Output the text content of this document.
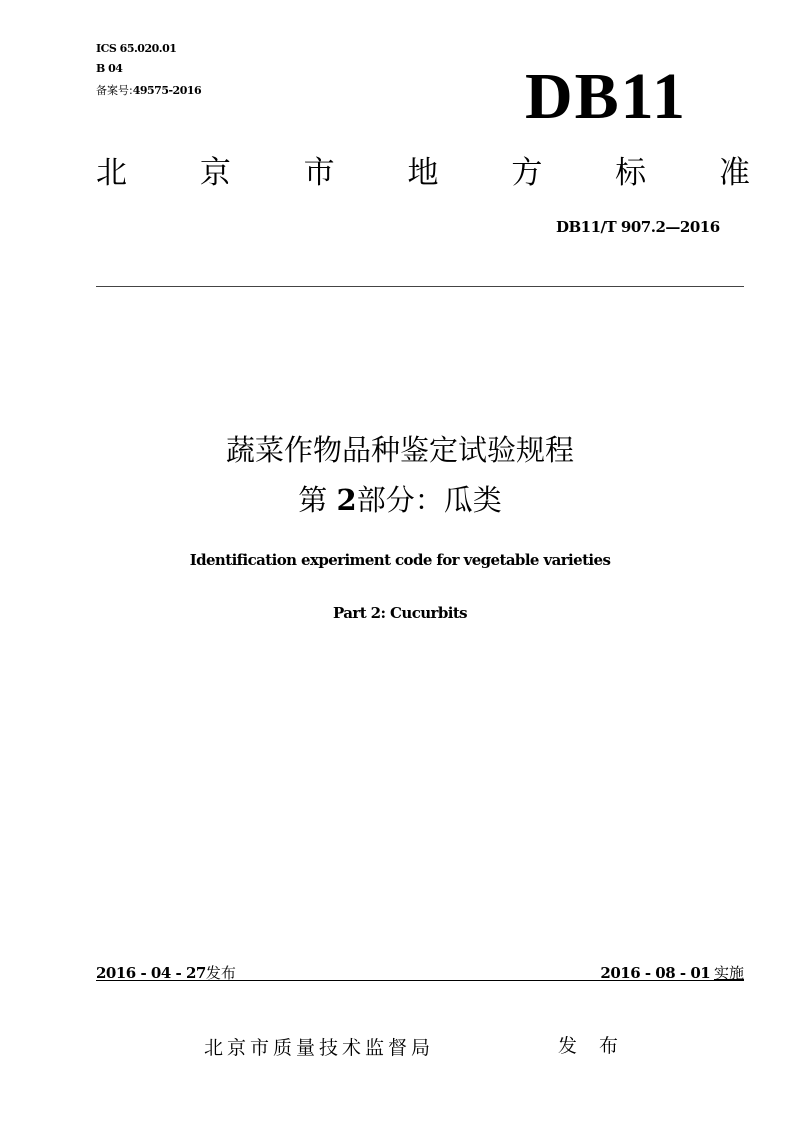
ICS 65.020.01
B 04
备案号:49575-2016	DB11
北 京 市 地 方 标 准
DB11/T 907.2—2016
蔬菜作物品种鉴定试验规程
第 2部分：瓜类
Identification experiment code for vegetable varieties
Part 2: Cucurbits
2016 - 04 - 27发布	2016 - 08 - 01 实施
北京市质量技术监督局	发 布
